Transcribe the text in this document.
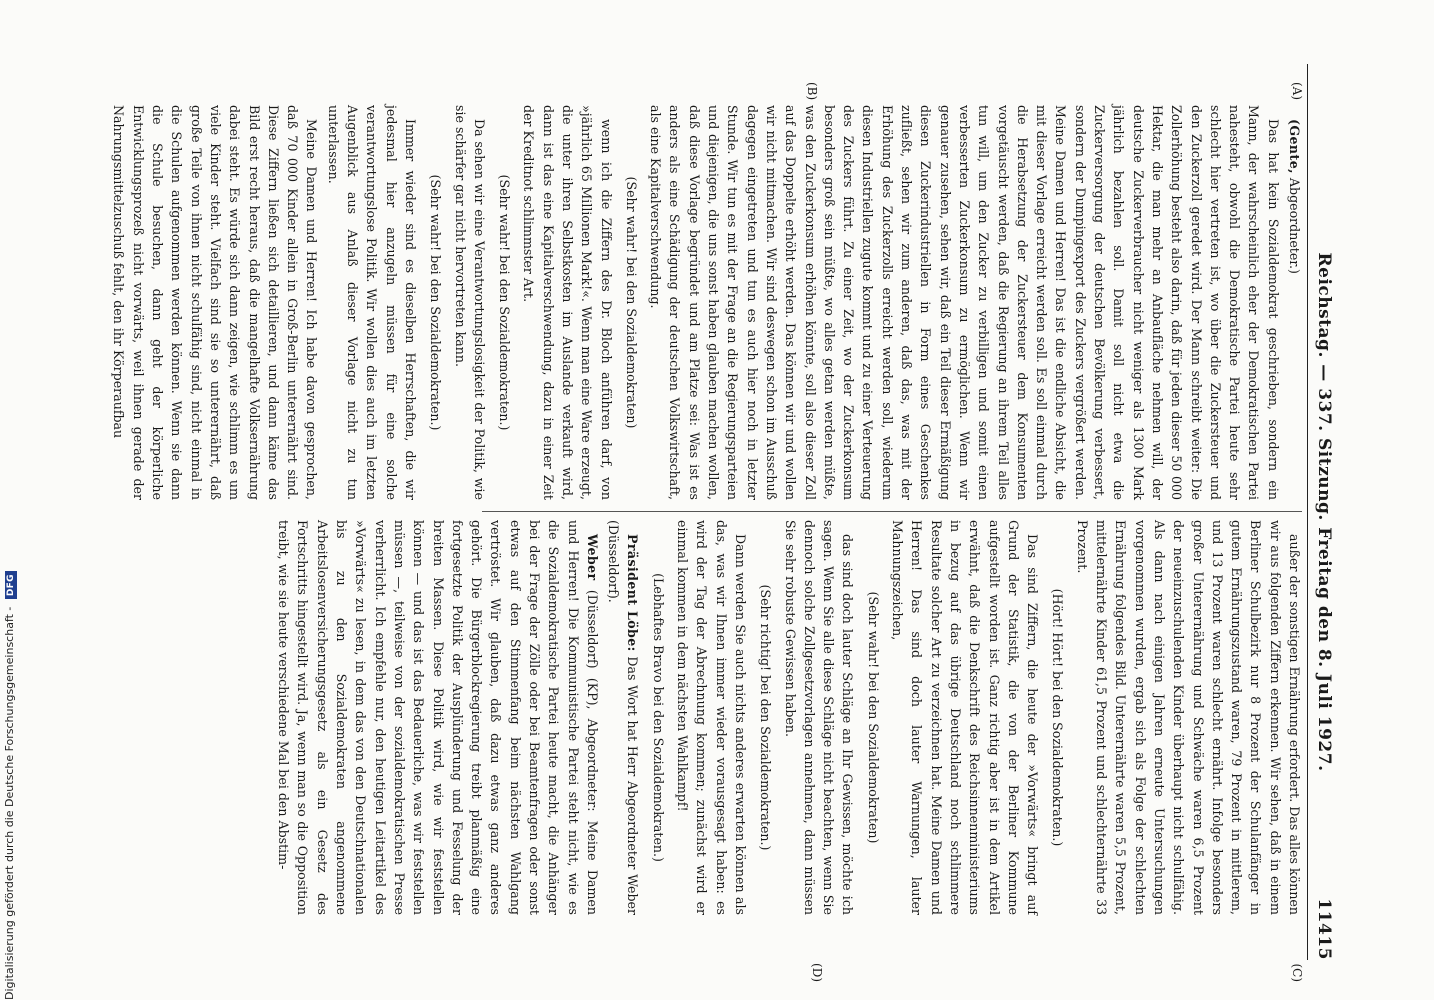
Reichstag. — 337. Sitzung. Freitag den 8. Juli 1927.
11415
(A)
(B)
(C)
(D)

(Gente, Abgeordneter.)

Das hat kein Sozialdemokrat geschrieben, sondern ein Mann, der wahrscheinlich eher der Demokratischen Partei nahesteht, obwohl die Demokratische Partei heute sehr schlecht hier vertreten ist, wo über die Zuckersteuer und den Zuckerzoll geredet wird. Der Mann schreibt weiter: Die Zollerhöhung besteht also darin, daß für jeden dieser 50 000 Hektar, die man mehr an Anbaufläche nehmen will, der deutsche Zuckerverbraucher nicht weniger als 1300 Mark jährlich bezahlen soll. Damit soll nicht etwa die Zuckerversorgung der deutschen Bevölkerung verbessert, sondern der Dumpingexport des Zuckers vergrößert werden. Meine Damen und Herren! Das ist die endliche Absicht, die mit dieser Vorlage erreicht werden soll. Es soll einmal durch die Herabsetzung der Zuckersteuer dem Konsumenten vorgetäuscht werden, daß die Regierung an ihrem Teil alles tun will, um den Zucker zu verbilligen und somit einen verbesserten Zuckerkonsum zu ermöglichen. Wenn wir genauer zusehen, sehen wir, daß ein Teil dieser Ermäßigung diesen Zuckerindustriellen in Form eines Geschenkes zufließt, sehen wir zum anderen, daß das, was mit der Erhöhung des Zuckerzolls erreicht werden soll, wiederum diesen Industriellen zugute kommt und zu einer Verteuerung des Zuckers führt. Zu einer Zeit, wo der Zuckerkonsum besonders groß sein müßte, wo alles getan werden müßte, was den Zuckerkonsum erhöhen könnte, soll also dieser Zoll auf das Doppelte erhöht werden. Das können wir und wollen wir nicht mitmachen. Wir sind deswegen schon im Ausschuß dagegen eingetreten und tun es auch hier noch in letzter Stunde. Wir tun es mit der Frage an die Regierungsparteien und diejenigen, die uns sonst haben glauben machen wollen, daß diese Vorlage begründet und am Platze sei: Was ist es anders als eine Schädigung der deutschen Volkswirtschaft, als eine Kapitalverschwendung.

(Sehr wahr! bei den Sozialdemokraten)

wenn ich die Ziffern des Dr. Bloch anführen darf, von »jährlich 65 Millionen Mark!«. Wenn man eine Ware erzeugt, die unter ihren Selbstkosten im Auslande verkauft wird, dann ist das eine Kapitalverschwendung, dazu in einer Zeit der Kreditnot schlimmster Art.

(Sehr wahr! bei den Sozialdemokraten.)

Da sehen wir eine Verantwortungslosigkeit der Politik, wie sie schärfer gar nicht hervortreten kann.

(Sehr wahr! bei den Sozialdemokraten.)

Immer wieder sind es dieselben Herrschaften, die wir jedesmal hier anzugeln müssen für eine solche verantwortungslose Politik. Wir wollen dies auch im letzten Augenblick aus Anlaß dieser Vorlage nicht zu tun unterlassen.

Meine Damen und Herren! Ich habe davon gesprochen, daß 70 000 Kinder allein in Groß-Berlin unterernährt sind. Diese Ziffern ließen sich detaillieren, und dann käme das Bild erst recht heraus, daß die mangelhafte Volksernährung dabei steht. Es würde sich dann zeigen, wie schlimm es um viele Kinder steht. Vielfach sind sie so unterernährt, daß große Teile von ihnen nicht schulfähig sind, nicht einmal in die Schulen aufgenommen werden können. Wenn sie dann die Schule besuchen, dann geht der körperliche Entwicklungsprozeß nicht vorwärts, weil ihnen gerade der Nahrungsmittelzuschuß fehlt, den ihr Körperaufbau

außer der sonstigen Ernährung erfordert. Das alles können wir aus folgenden Ziffern erkennen. Wir sehen, daß in einem Berliner Schulbezirk nur 8 Prozent der Schulanfänger in gutem Ernährungszustand waren, 79 Prozent in mittlerem, und 13 Prozent waren schlecht ernährt. Infolge besonders großer Unterernährung und Schwäche waren 6,5 Prozent der neueinzuschulenden Kinder überhaupt nicht schulfähig. Als dann nach einigen Jahren erneute Untersuchungen vorgenommen wurden, ergab sich als Folge der schlechten Ernährung folgendes Bild. Unterernährte waren 5,5 Prozent, mittelernährte Kinder 61,5 Prozent und schlechternährte 33 Prozent.

(Hört! Hört! bei den Sozialdemokraten.)

Das sind Ziffern, die heute der »Vorwärts« bringt auf Grund der Statistik, die von der Berliner Kommune aufgestellt worden ist. Ganz richtig aber ist in dem Artikel erwähnt, daß die Denkschrift des Reichsinnenministeriums in bezug auf das übrige Deutschland noch schlimmere Resultate solcher Art zu verzeichnen hat. Meine Damen und Herren! Das sind doch lauter Warnungen, lauter Mahnungszeichen,

(Sehr wahr! bei den Sozialdemokraten)

das sind doch lauter Schläge an Ihr Gewissen, möchte ich sagen. Wenn Sie alle diese Schläge nicht beachten, wenn Sie dennoch solche Zollgesetzvorlagen annehmen, dann müssen Sie sehr robuste Gewissen haben.

(Sehr richtig! bei den Sozialdemokraten.)

Dann werden Sie auch nichts anderes erwarten können als das, was wir Ihnen immer wieder vorausgesagt haben: es wird der Tag der Abrechnung kommen; zunächst wird er einmal kommen in dem nächsten Wahlkampf!

(Lebhaftes Bravo bei den Sozialdemokraten.)

Präsident Löbe: Das Wort hat Herr Abgeordneter Weber (Düsseldorf).

Weber (Düsseldorf) (KP), Abgeordneter: Meine Damen und Herren! Die Kommunistische Partei steht nicht, wie es die Sozialdemokratische Partei heute macht, die Anhänger bei der Frage der Zölle oder bei Beamtenfragen oder sonst etwas auf den Stimmenfang beim nächsten Wahlgang vertröstet. Wir glauben, daß dazu etwas ganz anderes gehört. Die Bürgerblockregierung treibt planmäßig eine fortgesetzte Politik der Ausplünderung und Fesselung der breiten Massen. Diese Politik wird, wie wir feststellen können — und das ist das Bedauerliche, was wir feststellen müssen —, teilweise von der sozialdemokratischen Presse verherrlicht. Ich empfehle nur, den heutigen Leitartikel des »Vorwärts« zu lesen, in dem das von den Deutschnationalen bis zu den Sozialdemokraten angenommene Arbeitslosenversicherungsgesetz als ein Gesetz des Fortschritts hingestellt wird. Ja, wenn man so die Opposition treibt, wie sie heute verschiedene Mal bei den Abstim-

Digitalisierung gefördert durch die Deutsche Forschungsgemeinschaft - DFG
